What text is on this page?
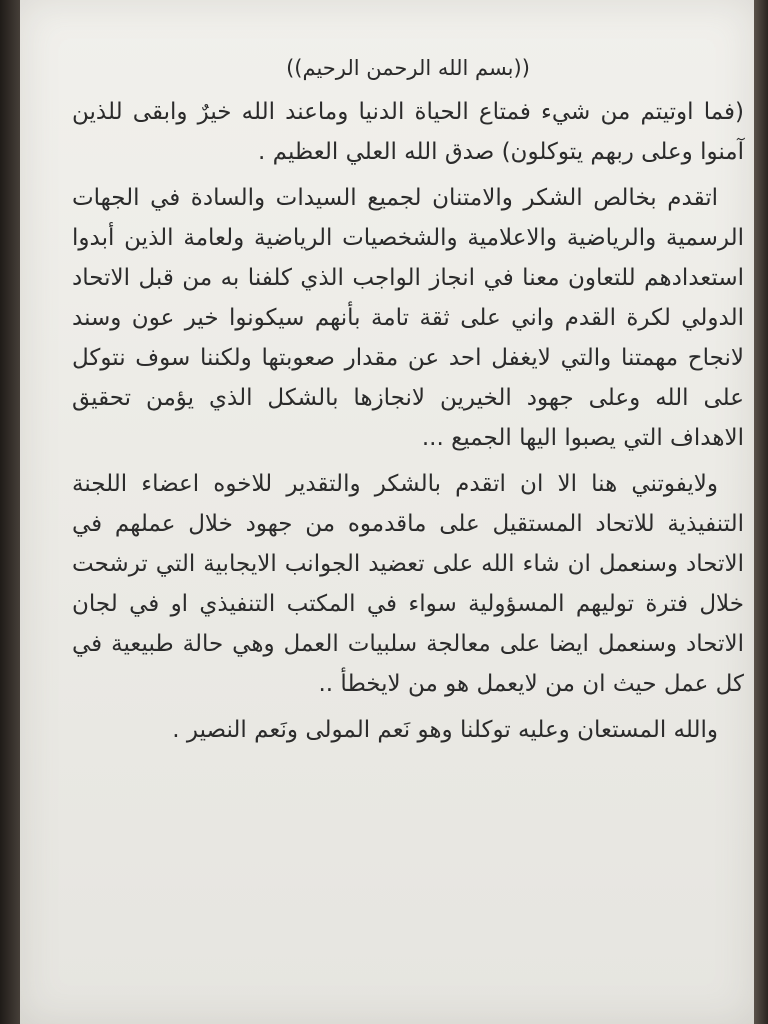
((بسم الله الرحمن الرحيم))

(فما اوتيتم من شيء فمتاع الحياة الدنيا وماعند الله خيرٌ وابقى للذين آمنوا وعلى ربهم يتوكلون) صدق الله العلي العظيم .

اتقدم بخالص الشكر والامتنان لجميع السيدات والسادة في الجهات الرسمية والرياضية والاعلامية والشخصيات الرياضية ولعامة الذين أبدوا استعدادهم للتعاون معنا في انجاز الواجب الذي كلفنا به من قبل الاتحاد الدولي لكرة القدم واني على ثقة تامة بأنهم سيكونوا خير عون وسند لانجاح مهمتنا والتي لايغفل احد عن مقدار صعوبتها ولكننا سوف نتوكل على الله وعلى جهود الخيرين لانجازها بالشكل الذي يؤمن تحقيق الاهداف التي يصبوا اليها الجميع ...

ولايفوتني هنا الا ان اتقدم بالشكر والتقدير للاخوه اعضاء اللجنة التنفيذية للاتحاد المستقيل على ماقدموه من جهود خلال عملهم في الاتحاد وسنعمل ان شاء الله على تعضيد الجوانب الايجابية التي ترشحت خلال فترة توليهم المسؤولية سواء في المكتب التنفيذي او في لجان الاتحاد وسنعمل ايضا على معالجة سلبيات العمل وهي حالة طبيعية في كل عمل حيث ان من لايعمل هو من لايخطأ ..

والله المستعان وعليه توكلنا وهو نَعم المولى ونَعم النصير .
